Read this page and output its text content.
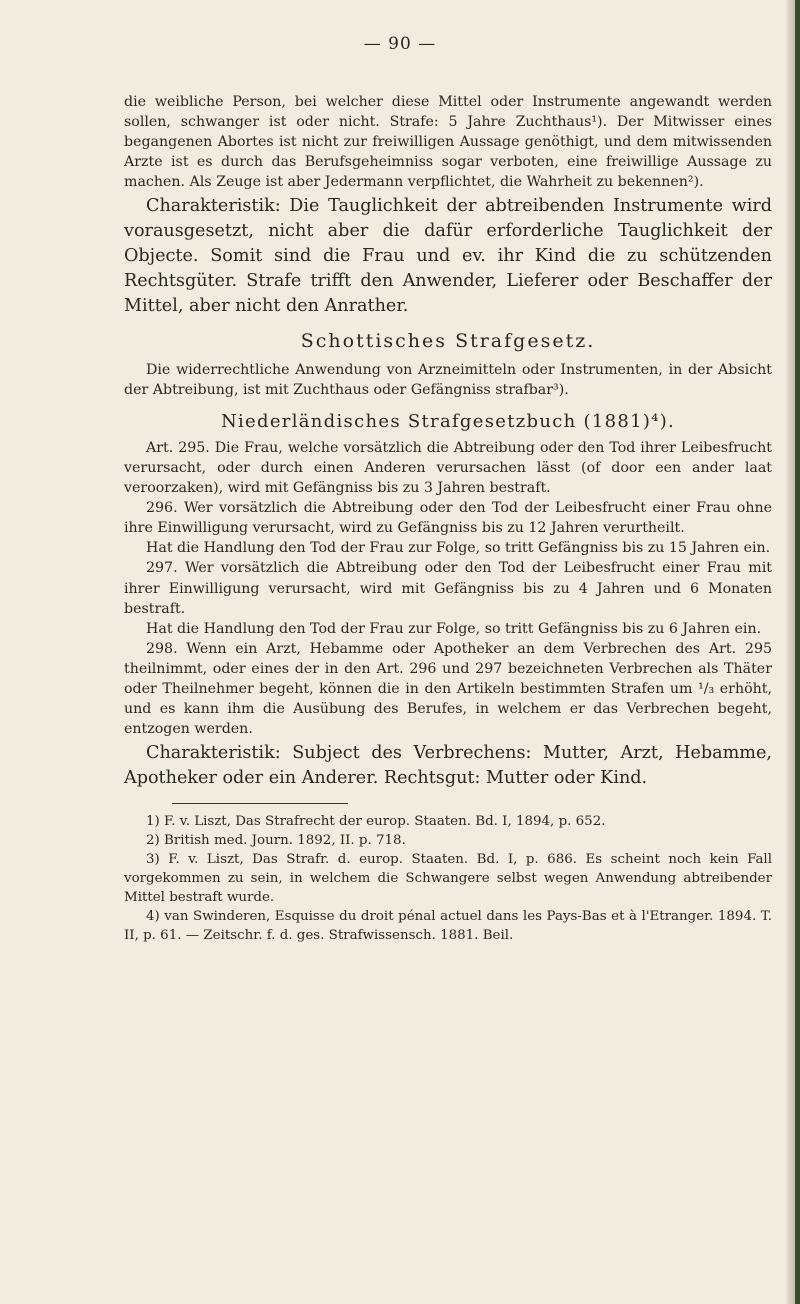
— 90 —

die weibliche Person, bei welcher diese Mittel oder Instrumente angewandt werden sollen, schwanger ist oder nicht. Strafe: 5 Jahre Zuchthaus¹). Der Mitwisser eines begangenen Abortes ist nicht zur freiwilligen Aussage genöthigt, und dem mitwissenden Arzte ist es durch das Berufsgeheimniss sogar verboten, eine freiwillige Aussage zu machen. Als Zeuge ist aber Jedermann verpflichtet, die Wahrheit zu bekennen²).

Charakteristik: Die Tauglichkeit der abtreibenden Instrumente wird vorausgesetzt, nicht aber die dafür erforderliche Tauglichkeit der Objecte. Somit sind die Frau und ev. ihr Kind die zu schützenden Rechtsgüter. Strafe trifft den Anwender, Lieferer oder Beschaffer der Mittel, aber nicht den Anrather.

Schottisches Strafgesetz.

Die widerrechtliche Anwendung von Arzneimitteln oder Instrumenten, in der Absicht der Abtreibung, ist mit Zuchthaus oder Gefängniss strafbar³).

Niederländisches Strafgesetzbuch (1881)⁴).

Art. 295. Die Frau, welche vorsätzlich die Abtreibung oder den Tod ihrer Leibesfrucht verursacht, oder durch einen Anderen verursachen lässt (of door een ander laat veroorzaken), wird mit Gefängniss bis zu 3 Jahren bestraft.

296. Wer vorsätzlich die Abtreibung oder den Tod der Leibesfrucht einer Frau ohne ihre Einwilligung verursacht, wird zu Gefängniss bis zu 12 Jahren verurtheilt.

Hat die Handlung den Tod der Frau zur Folge, so tritt Gefängniss bis zu 15 Jahren ein.

297. Wer vorsätzlich die Abtreibung oder den Tod der Leibesfrucht einer Frau mit ihrer Einwilligung verursacht, wird mit Gefängniss bis zu 4 Jahren und 6 Monaten bestraft.

Hat die Handlung den Tod der Frau zur Folge, so tritt Gefängniss bis zu 6 Jahren ein.

298. Wenn ein Arzt, Hebamme oder Apotheker an dem Verbrechen des Art. 295 theilnimmt, oder eines der in den Art. 296 und 297 bezeichneten Verbrechen als Thäter oder Theilnehmer begeht, können die in den Artikeln bestimmten Strafen um ¹/₃ erhöht, und es kann ihm die Ausübung des Berufes, in welchem er das Verbrechen begeht, entzogen werden.

Charakteristik: Subject des Verbrechens: Mutter, Arzt, Hebamme, Apotheker oder ein Anderer. Rechtsgut: Mutter oder Kind.

1) F. v. Liszt, Das Strafrecht der europ. Staaten. Bd. I, 1894, p. 652.

2) British med. Journ. 1892, II. p. 718.

3) F. v. Liszt, Das Strafr. d. europ. Staaten. Bd. I, p. 686. Es scheint noch kein Fall vorgekommen zu sein, in welchem die Schwangere selbst wegen Anwendung abtreibender Mittel bestraft wurde.

4) van Swinderen, Esquisse du droit pénal actuel dans les Pays-Bas et à l'Etranger. 1894. T. II, p. 61. — Zeitschr. f. d. ges. Strafwissensch. 1881. Beil.
